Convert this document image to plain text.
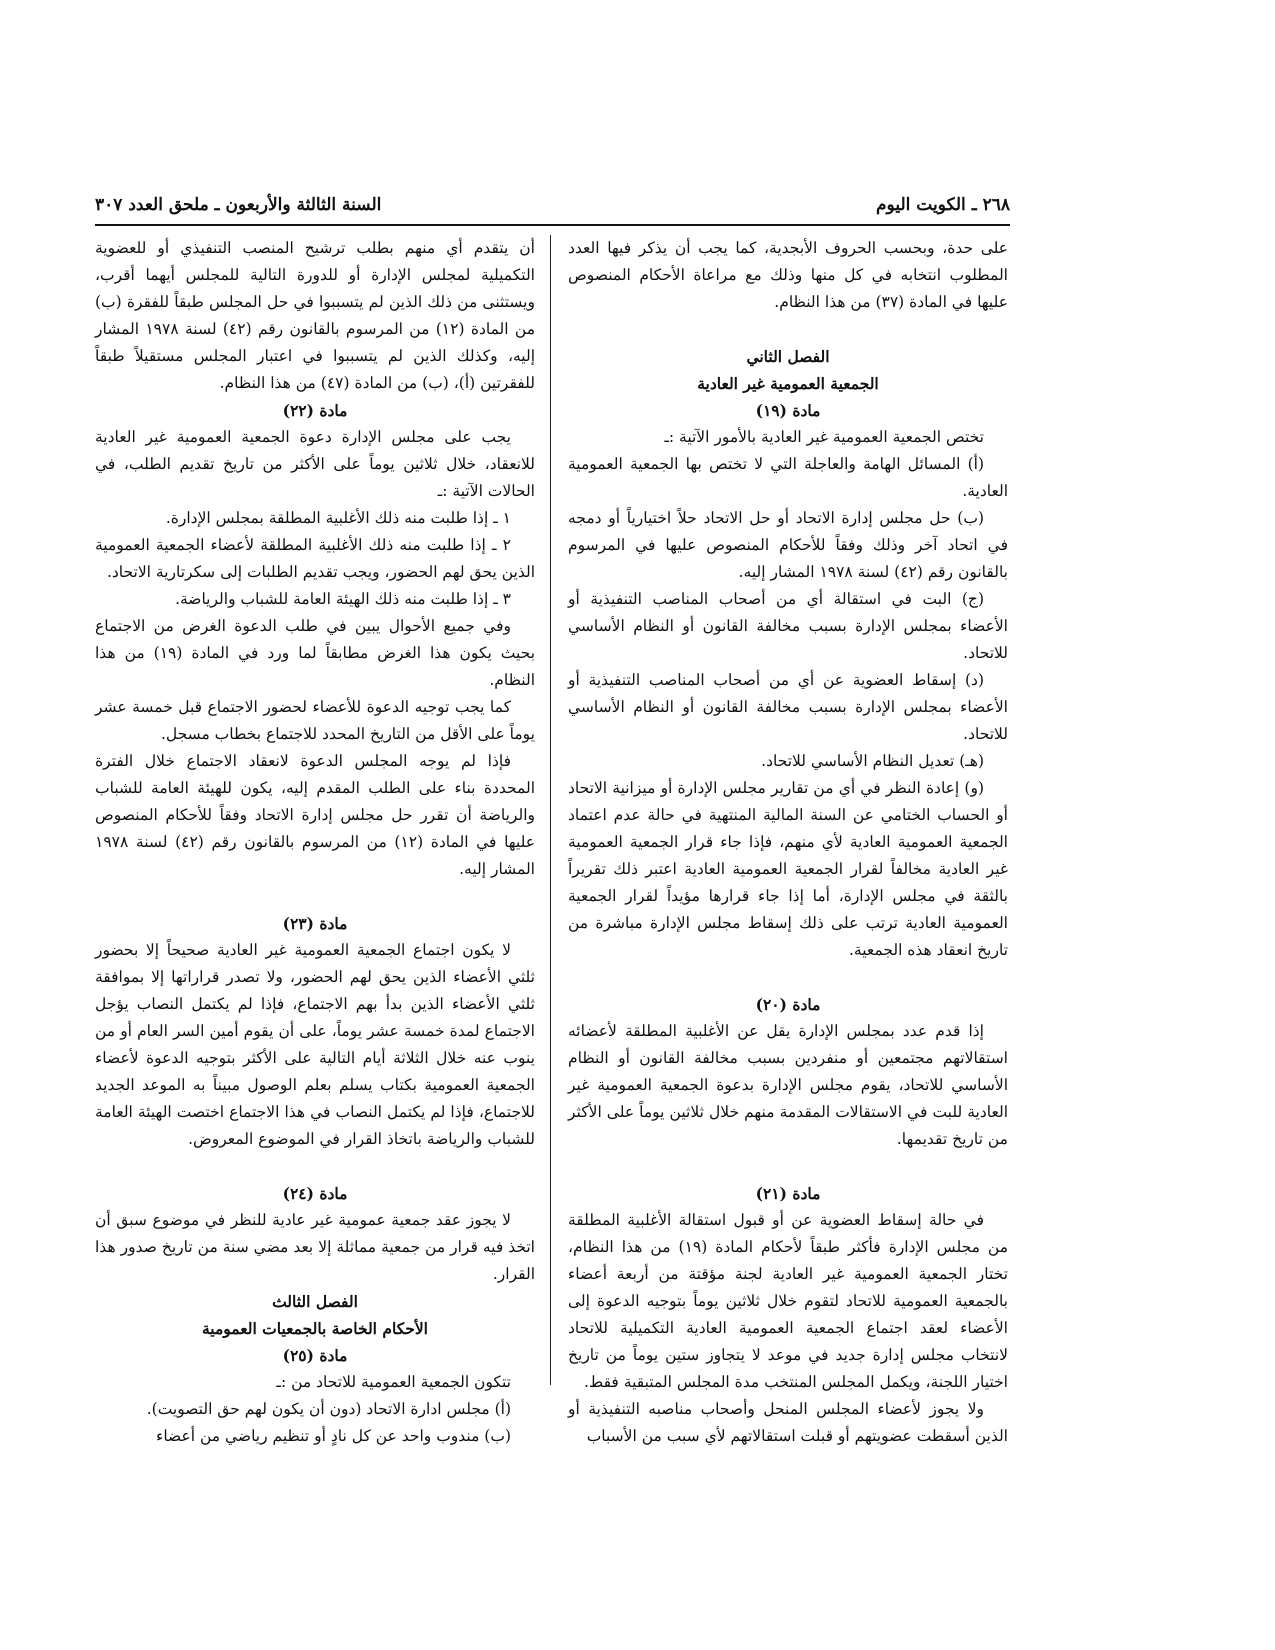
٢٦٨ ـ الكويت اليوم
السنة الثالثة والأربعون ـ ملحق العدد ٣٠٧

على حدة، وبحسب الحروف الأبجدية، كما يجب أن يذكر فيها العدد المطلوب انتخابه في كل منها وذلك مع مراعاة الأحكام المنصوص عليها في المادة (٣٧) من هذا النظام.

الفصل الثاني
الجمعية العمومية غير العادية
مادة (١٩)

تختص الجمعية العمومية غير العادية بالأمور الآتية :ـ

(أ) المسائل الهامة والعاجلة التي لا تختص بها الجمعية العمومية العادية.

(ب) حل مجلس إدارة الاتحاد أو حل الاتحاد حلاً اختيارياً أو دمجه في اتحاد آخر وذلك وفقاً للأحكام المنصوص عليها في المرسوم بالقانون رقم (٤٢) لسنة ١٩٧٨ المشار إليه.

(ج) البت في استقالة أي من أصحاب المناصب التنفيذية أو الأعضاء بمجلس الإدارة بسبب مخالفة القانون أو النظام الأساسي للاتحاد.

(د) إسقاط العضوية عن أي من أصحاب المناصب التنفيذية أو الأعضاء بمجلس الإدارة بسبب مخالفة القانون أو النظام الأساسي للاتحاد.

(هـ) تعديل النظام الأساسي للاتحاد.

(و) إعادة النظر في أي من تقارير مجلس الإدارة أو ميزانية الاتحاد أو الحساب الختامي عن السنة المالية المنتهية في حالة عدم اعتماد الجمعية العمومية العادية لأي منهم، فإذا جاء قرار الجمعية العمومية غير العادية مخالفاً لقرار الجمعية العمومية العادية اعتبر ذلك تقريراً بالثقة في مجلس الإدارة، أما إذا جاء قرارها مؤيداً لقرار الجمعية العمومية العادية ترتب على ذلك إسقاط مجلس الإدارة مباشرة من تاريخ انعقاد هذه الجمعية.

مادة (٢٠)

إذا قدم عدد بمجلس الإدارة يقل عن الأغلبية المطلقة لأعضائه استقالاتهم مجتمعين أو منفردين بسبب مخالفة القانون أو النظام الأساسي للاتحاد، يقوم مجلس الإدارة بدعوة الجمعية العمومية غير العادية للبت في الاستقالات المقدمة منهم خلال ثلاثين يوماً على الأكثر من تاريخ تقديمها.

مادة (٢١)

في حالة إسقاط العضوية عن أو قبول استقالة الأغلبية المطلقة من مجلس الإدارة فأكثر طبقاً لأحكام المادة (١٩) من هذا النظام، تختار الجمعية العمومية غير العادية لجنة مؤقتة من أربعة أعضاء بالجمعية العمومية للاتحاد لتقوم خلال ثلاثين يوماً بتوجيه الدعوة إلى الأعضاء لعقد اجتماع الجمعية العمومية العادية التكميلية للاتحاد لانتخاب مجلس إدارة جديد في موعد لا يتجاوز ستين يوماً من تاريخ اختيار اللجنة، ويكمل المجلس المنتخب مدة المجلس المتبقية فقط.

ولا يجوز لأعضاء المجلس المنحل وأصحاب مناصبه التنفيذية أو الذين أسقطت عضويتهم أو قبلت استقالاتهم لأي سبب من الأسباب

أن يتقدم أي منهم بطلب ترشيح المنصب التنفيذي أو للعضوية التكميلية لمجلس الإدارة أو للدورة التالية للمجلس أيهما أقرب، ويستثنى من ذلك الذين لم يتسببوا في حل المجلس طبقاً للفقرة (ب) من المادة (١٢) من المرسوم بالقانون رقم (٤٢) لسنة ١٩٧٨ المشار إليه، وكذلك الذين لم يتسببوا في اعتبار المجلس مستقيلاً طبقاً للفقرتين (أ)، (ب) من المادة (٤٧) من هذا النظام.

مادة (٢٢)

يجب على مجلس الإدارة دعوة الجمعية العمومية غير العادية للانعقاد، خلال ثلاثين يوماً على الأكثر من تاريخ تقديم الطلب، في الحالات الآتية :ـ

١ ـ إذا طلبت منه ذلك الأغلبية المطلقة بمجلس الإدارة.

٢ ـ إذا طلبت منه ذلك الأغلبية المطلقة لأعضاء الجمعية العمومية الذين يحق لهم الحضور، ويجب تقديم الطلبات إلى سكرتارية الاتحاد.

٣ ـ إذا طلبت منه ذلك الهيئة العامة للشباب والرياضة.

وفي جميع الأحوال يبين في طلب الدعوة الغرض من الاجتماع بحيث يكون هذا الغرض مطابقاً لما ورد في المادة (١٩) من هذا النظام.

كما يجب توجيه الدعوة للأعضاء لحضور الاجتماع قبل خمسة عشر يوماً على الأقل من التاريخ المحدد للاجتماع بخطاب مسجل.

فإذا لم يوجه المجلس الدعوة لانعقاد الاجتماع خلال الفترة المحددة بناء على الطلب المقدم إليه، يكون للهيئة العامة للشباب والرياضة أن تقرر حل مجلس إدارة الاتحاد وفقاً للأحكام المنصوص عليها في المادة (١٢) من المرسوم بالقانون رقم (٤٢) لسنة ١٩٧٨ المشار إليه.

مادة (٢٣)

لا يكون اجتماع الجمعية العمومية غير العادية صحيحاً إلا بحضور ثلثي الأعضاء الذين يحق لهم الحضور، ولا تصدر قراراتها إلا بموافقة ثلثي الأعضاء الذين بدأ بهم الاجتماع، فإذا لم يكتمل النصاب يؤجل الاجتماع لمدة خمسة عشر يوماً، على أن يقوم أمين السر العام أو من ينوب عنه خلال الثلاثة أيام التالية على الأكثر بتوجيه الدعوة لأعضاء الجمعية العمومية بكتاب يسلم بعلم الوصول مبيناً به الموعد الجديد للاجتماع، فإذا لم يكتمل النصاب في هذا الاجتماع اختصت الهيئة العامة للشباب والرياضة باتخاذ القرار في الموضوع المعروض.

مادة (٢٤)

لا يجوز عقد جمعية عمومية غير عادية للنظر في موضوع سبق أن اتخذ فيه قرار من جمعية مماثلة إلا بعد مضي سنة من تاريخ صدور هذا القرار.

الفصل الثالث
الأحكام الخاصة بالجمعيات العمومية
مادة (٢٥)

تتكون الجمعية العمومية للاتحاد من :ـ

(أ) مجلس ادارة الاتحاد (دون أن يكون لهم حق التصويت).

(ب) مندوب واحد عن كل نادٍ أو تنظيم رياضي من أعضاء
